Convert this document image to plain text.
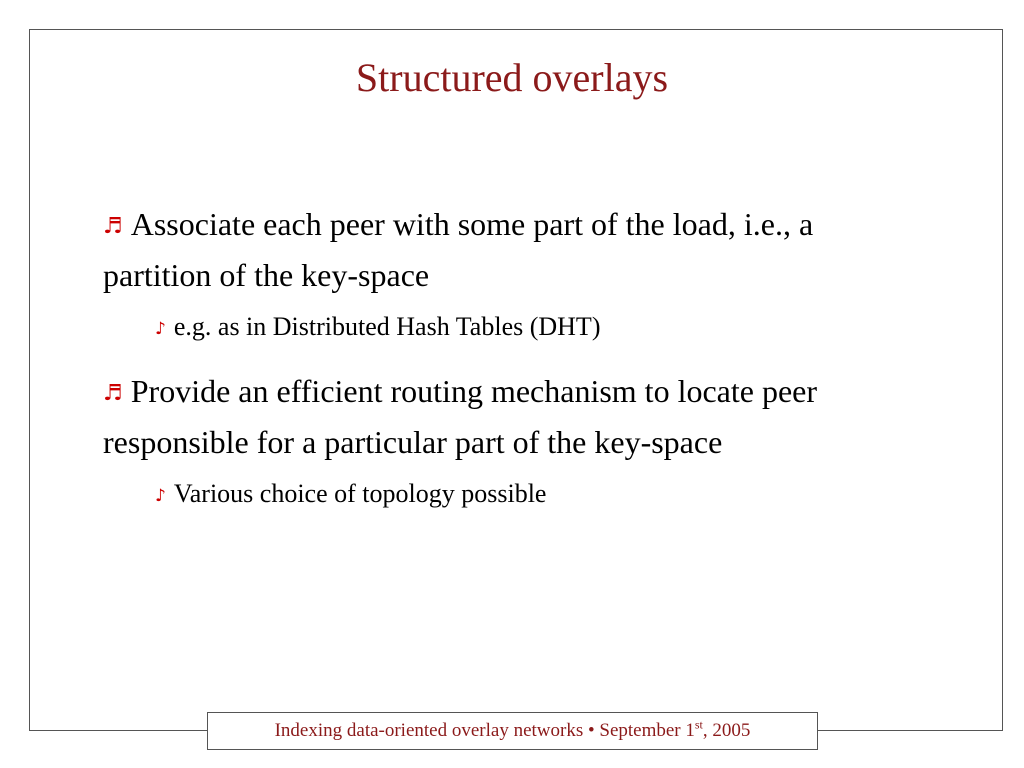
Structured overlays
♬ Associate each peer with some part of the load, i.e., a partition of the key-space
♪ e.g. as in Distributed Hash Tables (DHT)
♬ Provide an efficient routing mechanism to locate peer responsible for a particular part of the key-space
♪ Various choice of topology possible
Indexing data-oriented overlay networks • September 1st, 2005
